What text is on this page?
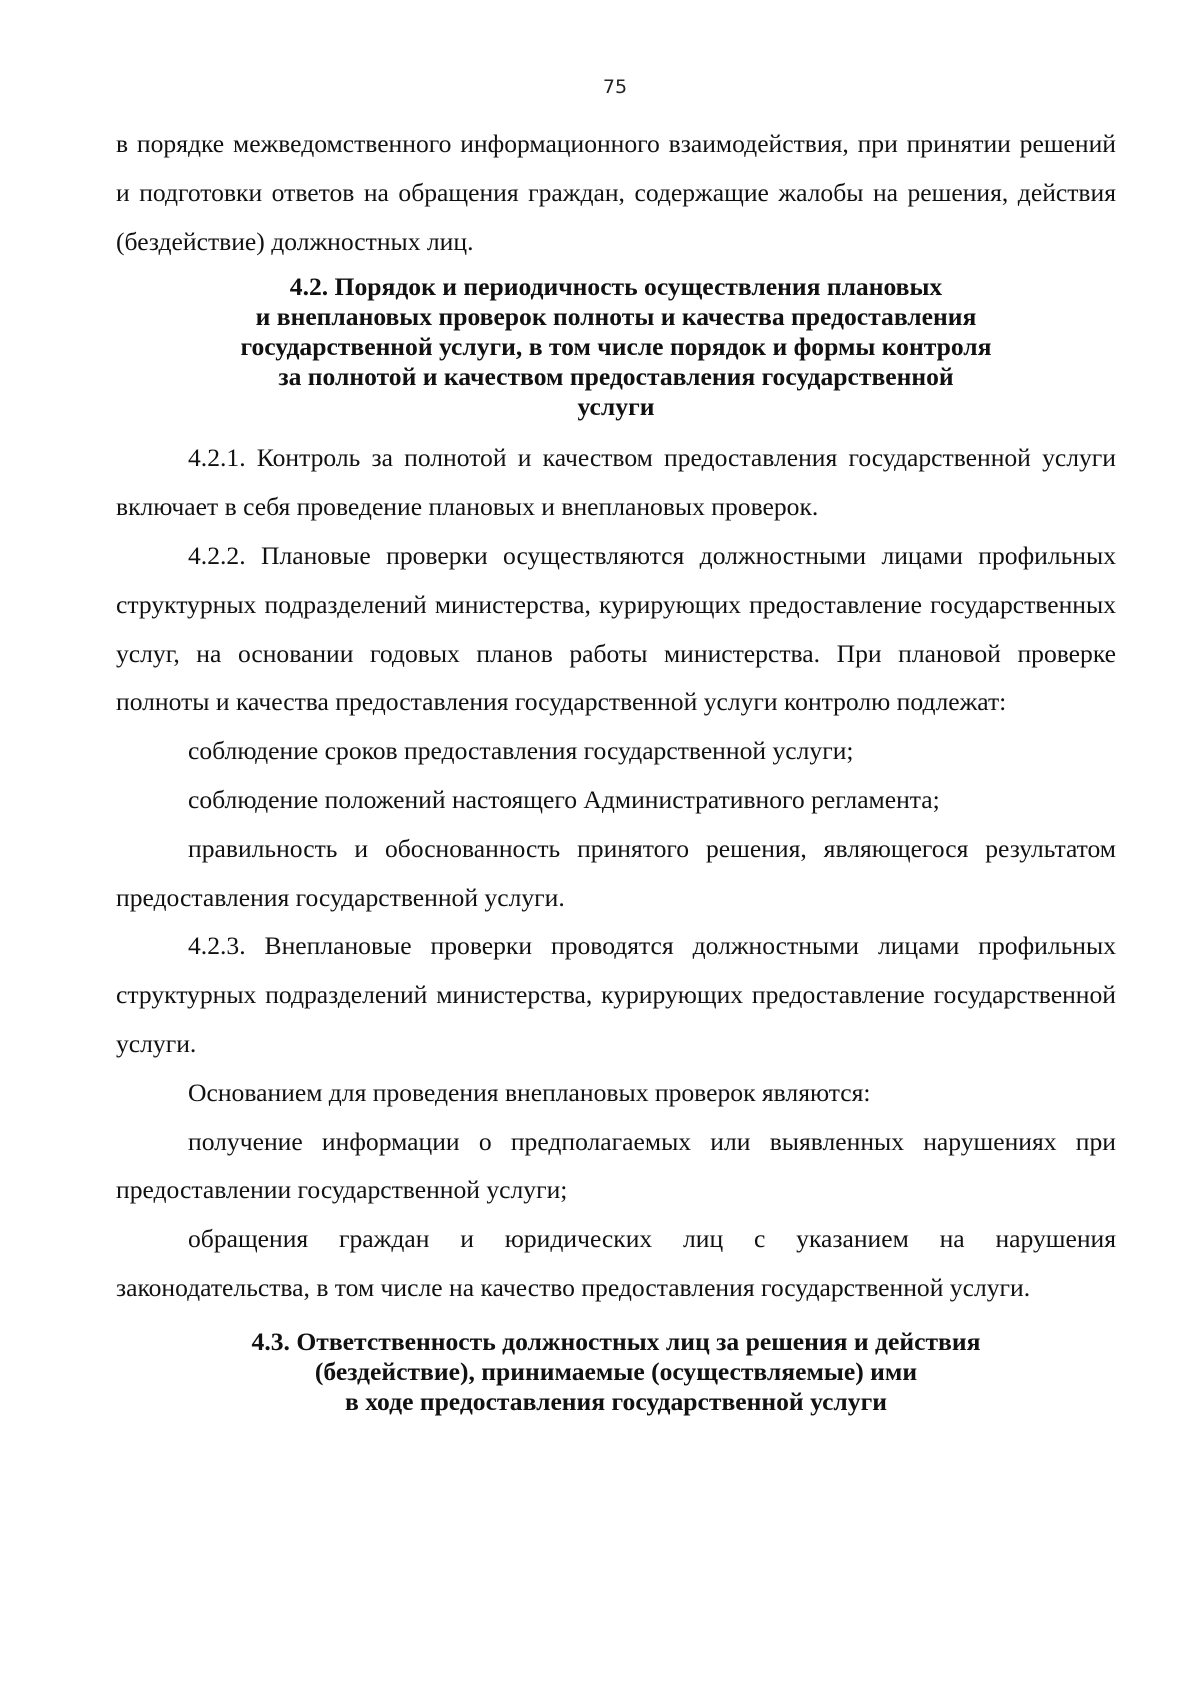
75

в порядке межведомственного информационного взаимодействия, при принятии решений и подготовки ответов на обращения граждан, содержащие жалобы на решения, действия (бездействие) должностных лиц.

4.2. Порядок и периодичность осуществления плановых
и внеплановых проверок полноты и качества предоставления
государственной услуги, в том числе порядок и формы контроля
за полнотой и качеством предоставления государственной
услуги

4.2.1. Контроль за полнотой и качеством предоставления государственной услуги включает в себя проведение плановых и внеплановых проверок.

4.2.2. Плановые проверки осуществляются должностными лицами профильных структурных подразделений министерства, курирующих предоставление государственных услуг, на основании годовых планов работы министерства. При плановой проверке полноты и качества предоставления государственной услуги контролю подлежат:

соблюдение сроков предоставления государственной услуги;

соблюдение положений настоящего Административного регламента;

правильность и обоснованность принятого решения, являющегося результатом предоставления государственной услуги.

4.2.3. Внеплановые проверки проводятся должностными лицами профильных структурных подразделений министерства, курирующих предоставление государственной услуги.

Основанием для проведения внеплановых проверок являются:

получение информации о предполагаемых или выявленных нарушениях при предоставлении государственной услуги;

обращения граждан и юридических лиц с указанием на нарушения законодательства, в том числе на качество предоставления государственной услуги.

4.3. Ответственность должностных лиц за решения и действия
(бездействие), принимаемые (осуществляемые) ими
в ходе предоставления государственной услуги
